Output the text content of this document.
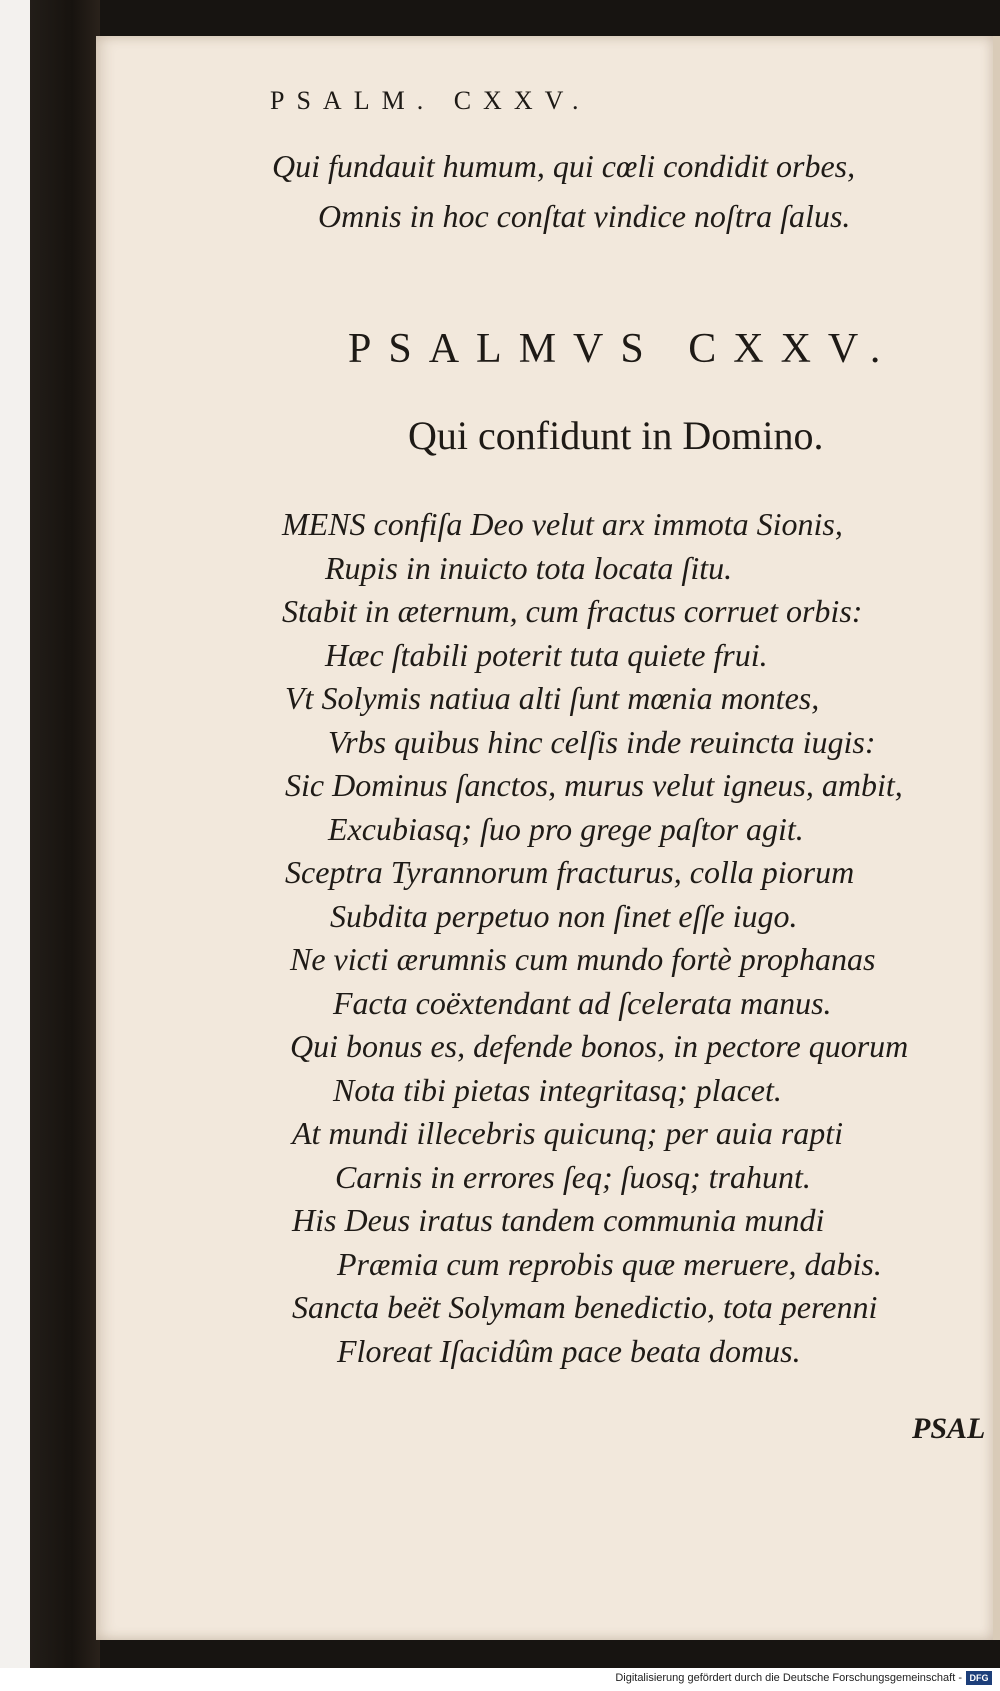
PSALM. CXXV.
Qui fundauit humum, qui cœli condidit orbes,
Omnis in hoc conſtat vindice noſtra ſalus.
PSALMVS CXXV.
Qui confidunt in Domino.
MENS confiſa Deo velut arx immota Sionis,
Rupis in inuicto tota locata ſitu.
Stabit in æternum, cum fractus corruet orbis:
Hæc ſtabili poterit tuta quiete frui.
Vt Solymis natiua alti ſunt mœnia montes,
Vrbs quibus hinc celſis inde reuincta iugis:
Sic Dominus ſanctos, murus velut igneus, ambit,
Excubiasq; ſuo pro grege paſtor agit.
Sceptra Tyrannorum fracturus, colla piorum
Subdita perpetuo non ſinet eſſe iugo.
Ne victi ærumnis cum mundo fortè prophanas
Facta coëxtendant ad ſcelerata manus.
Qui bonus es, defende bonos, in pectore quorum
Nota tibi pietas integritasq; placet.
At mundi illecebris quicunq; per auia rapti
Carnis in errores ſeq; ſuosq; trahunt.
His Deus iratus tandem communia mundi
Præmia cum reprobis quæ meruere, dabis.
Sancta beët Solymam benedictio, tota perenni
Floreat Iſacidûm pace beata domus.
PSAL
Digitalisierung gefördert durch die Deutsche Forschungsgemeinschaft - DFG
